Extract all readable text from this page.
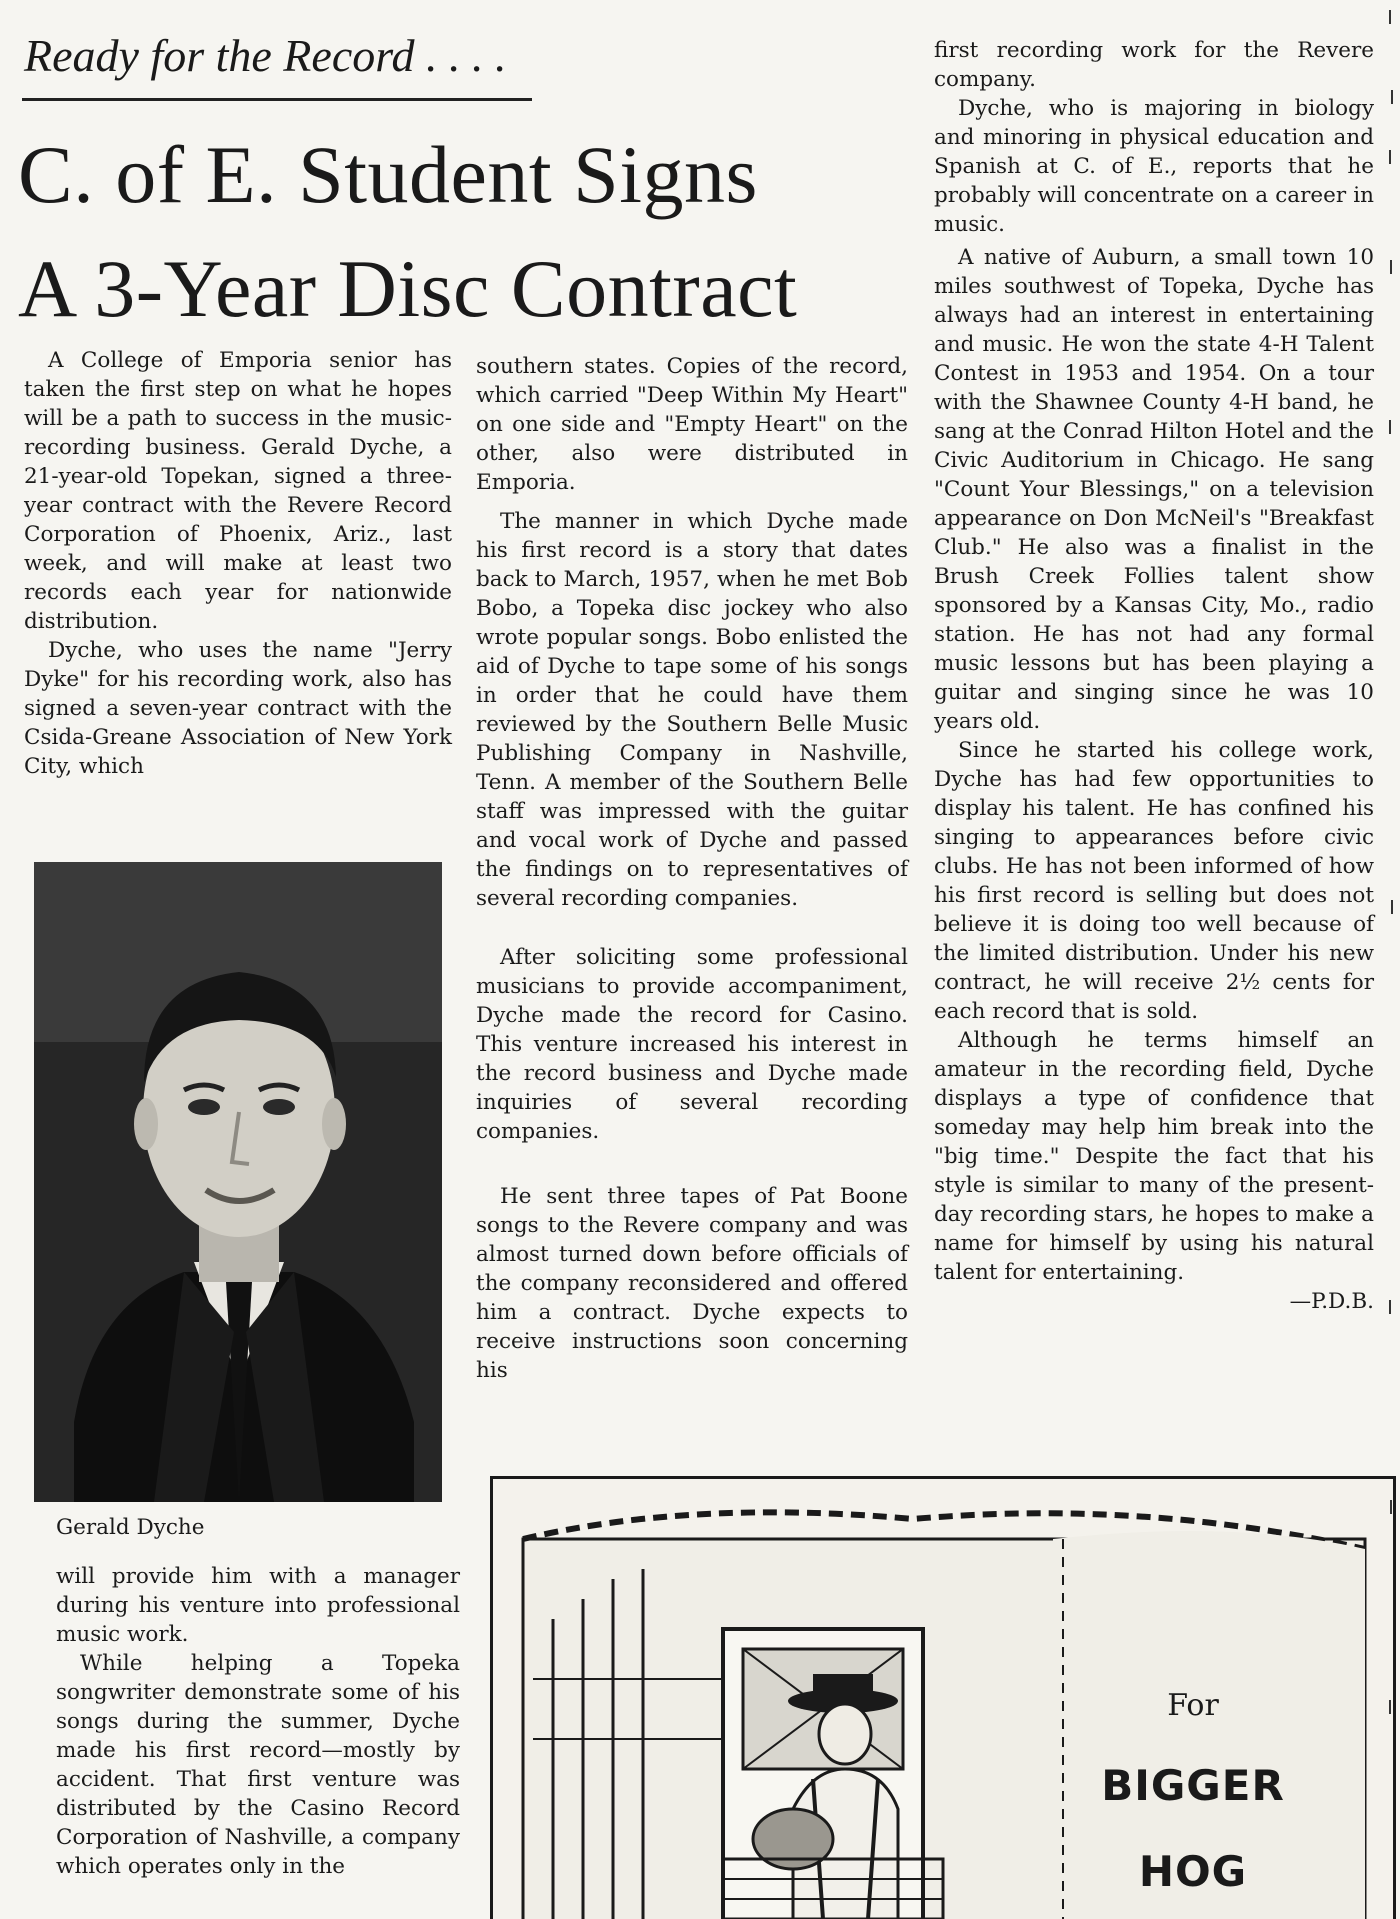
Ready for the Record . . . .
C. of E. Student Signs
A 3-Year Disc Contract

A College of Emporia senior has taken the first step on what he hopes will be a path to success in the music-recording business. Gerald Dyche, a 21-year-old Topekan, signed a three-year contract with the Revere Record Corporation of Phoenix, Ariz., last week, and will make at least two records each year for nationwide distribution.

Dyche, who uses the name "Jerry Dyke" for his recording work, also has signed a seven-year contract with the Csida-Greane Association of New York City, which

Gerald Dyche

will provide him with a manager during his venture into professional music work.

While helping a Topeka songwriter demonstrate some of his songs during the summer, Dyche made his first record—mostly by accident. That first venture was distributed by the Casino Record Corporation of Nashville, a company which operates only in the

southern states. Copies of the record, which carried "Deep Within My Heart" on one side and "Empty Heart" on the other, also were distributed in Emporia.

The manner in which Dyche made his first record is a story that dates back to March, 1957, when he met Bob Bobo, a Topeka disc jockey who also wrote popular songs. Bobo enlisted the aid of Dyche to tape some of his songs in order that he could have them reviewed by the Southern Belle Music Publishing Company in Nashville, Tenn. A member of the Southern Belle staff was impressed with the guitar and vocal work of Dyche and passed the findings on to representatives of several recording companies.

After soliciting some professional musicians to provide accompaniment, Dyche made the record for Casino. This venture increased his interest in the record business and Dyche made inquiries of several recording companies.

He sent three tapes of Pat Boone songs to the Revere company and was almost turned down before officials of the company reconsidered and offered him a contract. Dyche expects to receive instructions soon concerning his

first recording work for the Revere company.

Dyche, who is majoring in biology and minoring in physical education and Spanish at C. of E., reports that he probably will concentrate on a career in music.

A native of Auburn, a small town 10 miles southwest of Topeka, Dyche has always had an interest in entertaining and music. He won the state 4-H Talent Contest in 1953 and 1954. On a tour with the Shawnee County 4-H band, he sang at the Conrad Hilton Hotel and the Civic Auditorium in Chicago. He sang "Count Your Blessings," on a television appearance on Don McNeil's "Breakfast Club." He also was a finalist in the Brush Creek Follies talent show sponsored by a Kansas City, Mo., radio station. He has not had any formal music lessons but has been playing a guitar and singing since he was 10 years old.

Since he started his college work, Dyche has had few opportunities to display his talent. He has confined his singing to appearances before civic clubs. He has not been informed of how his first record is selling but does not believe it is doing too well because of the limited distribution. Under his new contract, he will receive 2½ cents for each record that is sold.

Although he terms himself an amateur in the recording field, Dyche displays a type of confidence that someday may help him break into the "big time." Despite the fact that his style is similar to many of the present-day recording stars, he hopes to make a name for himself by using his natural talent for entertaining.

—P.D.B.
For
BIGGER
HOG
